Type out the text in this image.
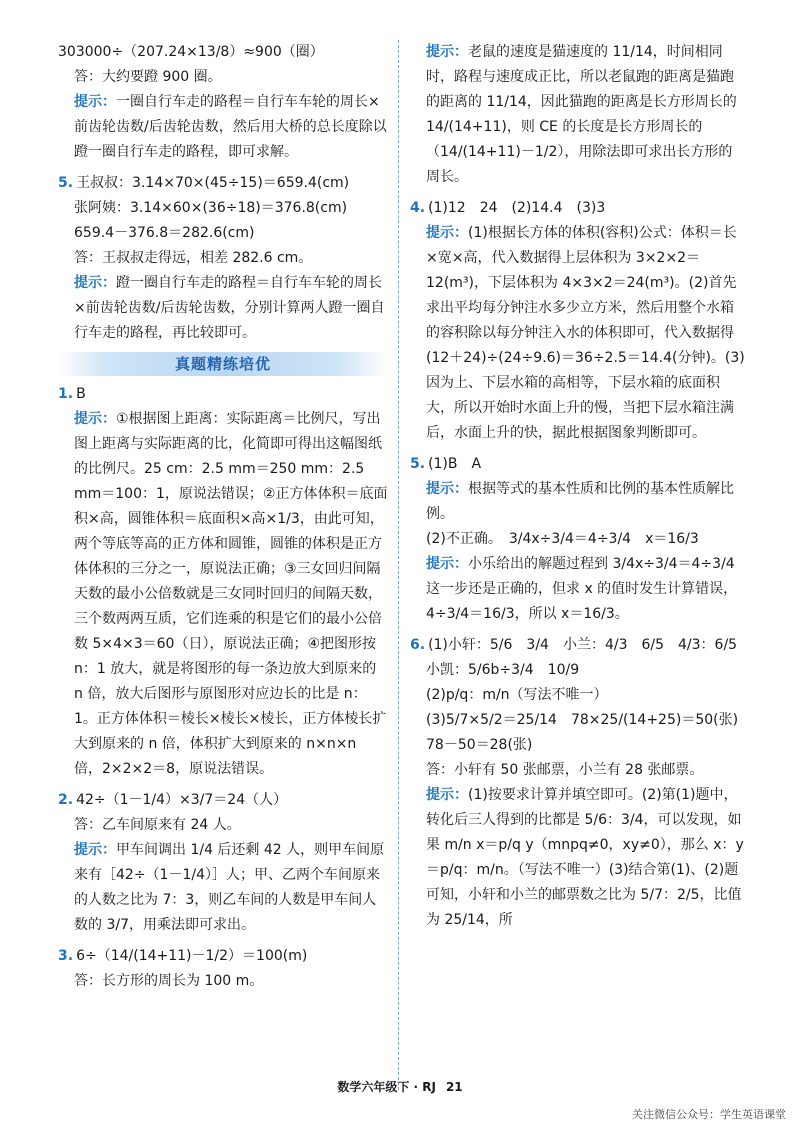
303000÷（207.24×13/8）≈900（圈）

答：大约要蹬 900 圈。

提示：一圈自行车走的路程＝自行车车轮的周长×前齿轮齿数/后齿轮齿数，然后用大桥的总长度除以蹬一圈自行车走的路程，即可求解。

5. 王叔叔：3.14×70×(45÷15)＝659.4(cm)

张阿姨：3.14×60×(36÷18)＝376.8(cm)

659.4－376.8＝282.6(cm)

答：王叔叔走得远，相差 282.6 cm。

提示：蹬一圈自行车走的路程＝自行车车轮的周长×前齿轮齿数/后齿轮齿数，分别计算两人蹬一圈自行车走的路程，再比较即可。

真题精练培优

1. B

提示：①根据图上距离：实际距离＝比例尺，写出图上距离与实际距离的比，化简即可得出这幅图纸的比例尺。25 cm：2.5 mm＝250 mm：2.5 mm＝100：1，原说法错误；②正方体体积＝底面积×高，圆锥体积＝底面积×高×1/3，由此可知，两个等底等高的正方体和圆锥，圆锥的体积是正方体体积的三分之一，原说法正确；③三女回归间隔天数的最小公倍数就是三女同时回归的间隔天数，三个数两两互质，它们连乘的积是它们的最小公倍数 5×4×3＝60（日），原说法正确；④把图形按 n：1 放大，就是将图形的每一条边放大到原来的 n 倍，放大后图形与原图形对应边长的比是 n：1。正方体体积＝棱长×棱长×棱长，正方体棱长扩大到原来的 n 倍，体积扩大到原来的 n×n×n 倍，2×2×2＝8，原说法错误。

2. 42÷（1－1/4）×3/7＝24（人）

答：乙车间原来有 24 人。

提示：甲车间调出 1/4 后还剩 42 人，则甲车间原来有［42÷（1－1/4）］人；甲、乙两个车间原来的人数之比为 7：3，则乙车间的人数是甲车间人数的 3/7，用乘法即可求出。

3. 6÷（14/(14+11)－1/2）＝100(m)

答：长方形的周长为 100 m。

提示：老鼠的速度是猫速度的 11/14，时间相同时，路程与速度成正比，所以老鼠跑的距离是猫跑的距离的 11/14，因此猫跑的距离是长方形周长的 14/(14+11)，则 CE 的长度是长方形周长的（14/(14+11)－1/2），用除法即可求出长方形的周长。

4. (1)12　24　(2)14.4　(3)3

提示：(1)根据长方体的体积(容积)公式：体积＝长×宽×高，代入数据得上层体积为 3×2×2＝12(m³)，下层体积为 4×3×2＝24(m³)。(2)首先求出平均每分钟注水多少立方米，然后用整个水箱的容积除以每分钟注入水的体积即可，代入数据得(12＋24)÷(24÷9.6)＝36÷2.5＝14.4(分钟)。(3)因为上、下层水箱的高相等，下层水箱的底面积大，所以开始时水面上升的慢，当把下层水箱注满后，水面上升的快，据此根据图象判断即可。

5. (1)B　A

提示：根据等式的基本性质和比例的基本性质解比例。

(2)不正确。　3/4x÷3/4＝4÷3/4　x＝16/3

提示：小乐给出的解题过程到 3/4x÷3/4＝4÷3/4 这一步还是正确的，但求 x 的值时发生计算错误，4÷3/4＝16/3，所以 x＝16/3。

6. (1)小轩：5/6　3/4　小兰：4/3　6/5　4/3：6/5

小凯：5/6b÷3/4　10/9

(2)p/q：m/n（写法不唯一）

(3)5/7×5/2＝25/14　78×25/(14+25)＝50(张)

78－50＝28(张)

答：小轩有 50 张邮票，小兰有 28 张邮票。

提示：(1)按要求计算并填空即可。(2)第(1)题中，转化后三人得到的比都是 5/6：3/4，可以发现，如果 m/n x＝p/q y（mnpq≠0，xy≠0），那么 x：y＝p/q：m/n。（写法不唯一）(3)结合第(1)、(2)题可知，小轩和小兰的邮票数之比为 5/7：2/5，比值为 25/14，所

数学六年级下 · RJ 21
关注微信公众号：学生英语课堂
